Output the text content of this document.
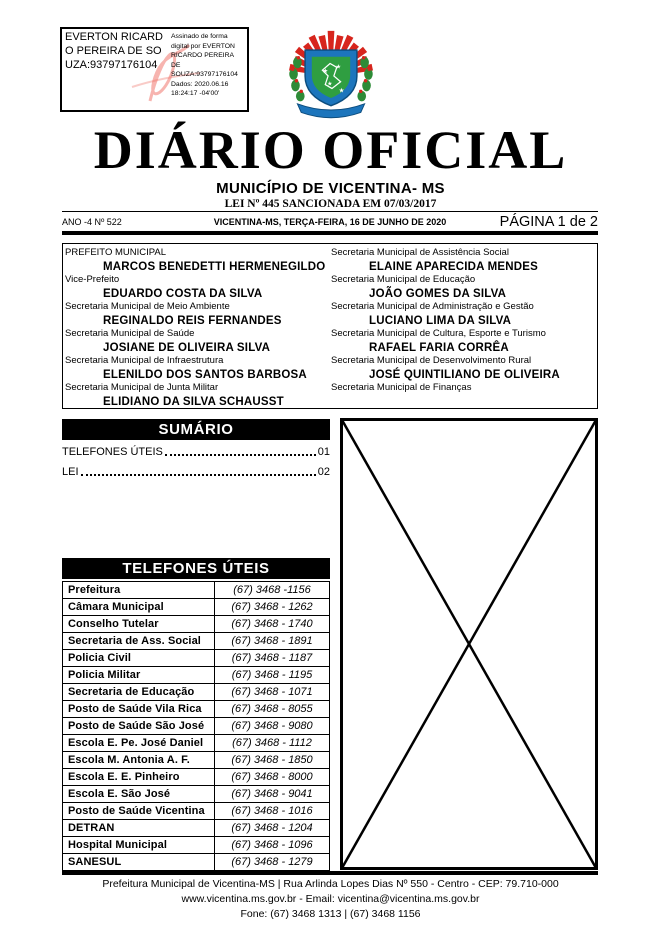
EVERTON RICARDO PEREIRA DE SOUZA:93797176104
Assinado de forma digital por EVERTON RICARDO PEREIRA DE SOUZA:93797176104 Dados: 2020.06.16 18:24:17 -04'00'
★
★
★
★
DIÁRIO OFICIAL
MUNICÍPIO DE VICENTINA- MS
LEI Nº 445 SANCIONADA EM 07/03/2017
ANO -4 Nº 522	VICENTINA-MS, TERÇA-FEIRA, 16 DE JUNHO DE 2020	PÁGINA 1 de 2
PREFEITO MUNICIPAL
MARCOS BENEDETTI HERMENEGILDO
Vice-Prefeito
EDUARDO COSTA DA SILVA
Secretaria Municipal de Meio Ambiente
REGINALDO REIS FERNANDES
Secretaria Municipal de Saúde
JOSIANE DE OLIVEIRA SILVA
Secretaria Municipal de Infraestrutura
ELENILDO DOS SANTOS BARBOSA
Secretaria Municipal de Junta Militar
ELIDIANO DA SILVA SCHAUSST
Secretaria Municipal de Assistência Social
ELAINE APARECIDA MENDES
Secretaria Municipal de Educação
JOÃO GOMES DA SILVA
Secretaria Municipal de Administração e Gestão
LUCIANO LIMA DA SILVA
Secretaria Municipal de Cultura, Esporte e Turismo
RAFAEL FARIA CORRÊA
Secretaria Municipal de Desenvolvimento Rural
JOSÉ QUINTILIANO DE OLIVEIRA
Secretaria Municipal de Finanças
SUMÁRIO
TELEFONES ÚTEIS	01
LEI	02
TELEFONES ÚTEIS
Prefeitura	(67) 3468 -1156
Câmara Municipal	(67) 3468 - 1262
Conselho Tutelar	(67) 3468 - 1740
Secretaria de Ass. Social	(67) 3468 - 1891
Policia Civil	(67) 3468 - 1187
Policia Militar	(67) 3468 - 1195
Secretaria de Educação	(67) 3468 - 1071
Posto de Saúde Vila Rica	(67) 3468 - 8055
Posto de Saúde São José	(67) 3468 - 9080
Escola E. Pe. José Daniel	(67) 3468 - 1112
Escola M. Antonia A. F.	(67) 3468 - 1850
Escola E. E. Pinheiro	(67) 3468 - 8000
Escola E. São José	(67) 3468 - 9041
Posto de Saúde Vicentina	(67) 3468 - 1016
DETRAN	(67) 3468 - 1204
Hospital Municipal	(67) 3468 - 1096
SANESUL	(67) 3468 - 1279
Prefeitura Municipal de Vicentina-MS | Rua Arlinda Lopes Dias Nº 550 - Centro - CEP: 79.710-000
www.vicentina.ms.gov.br - Email: vicentina@vicentina.ms.gov.br
Fone: (67) 3468 1313 | (67) 3468 1156
